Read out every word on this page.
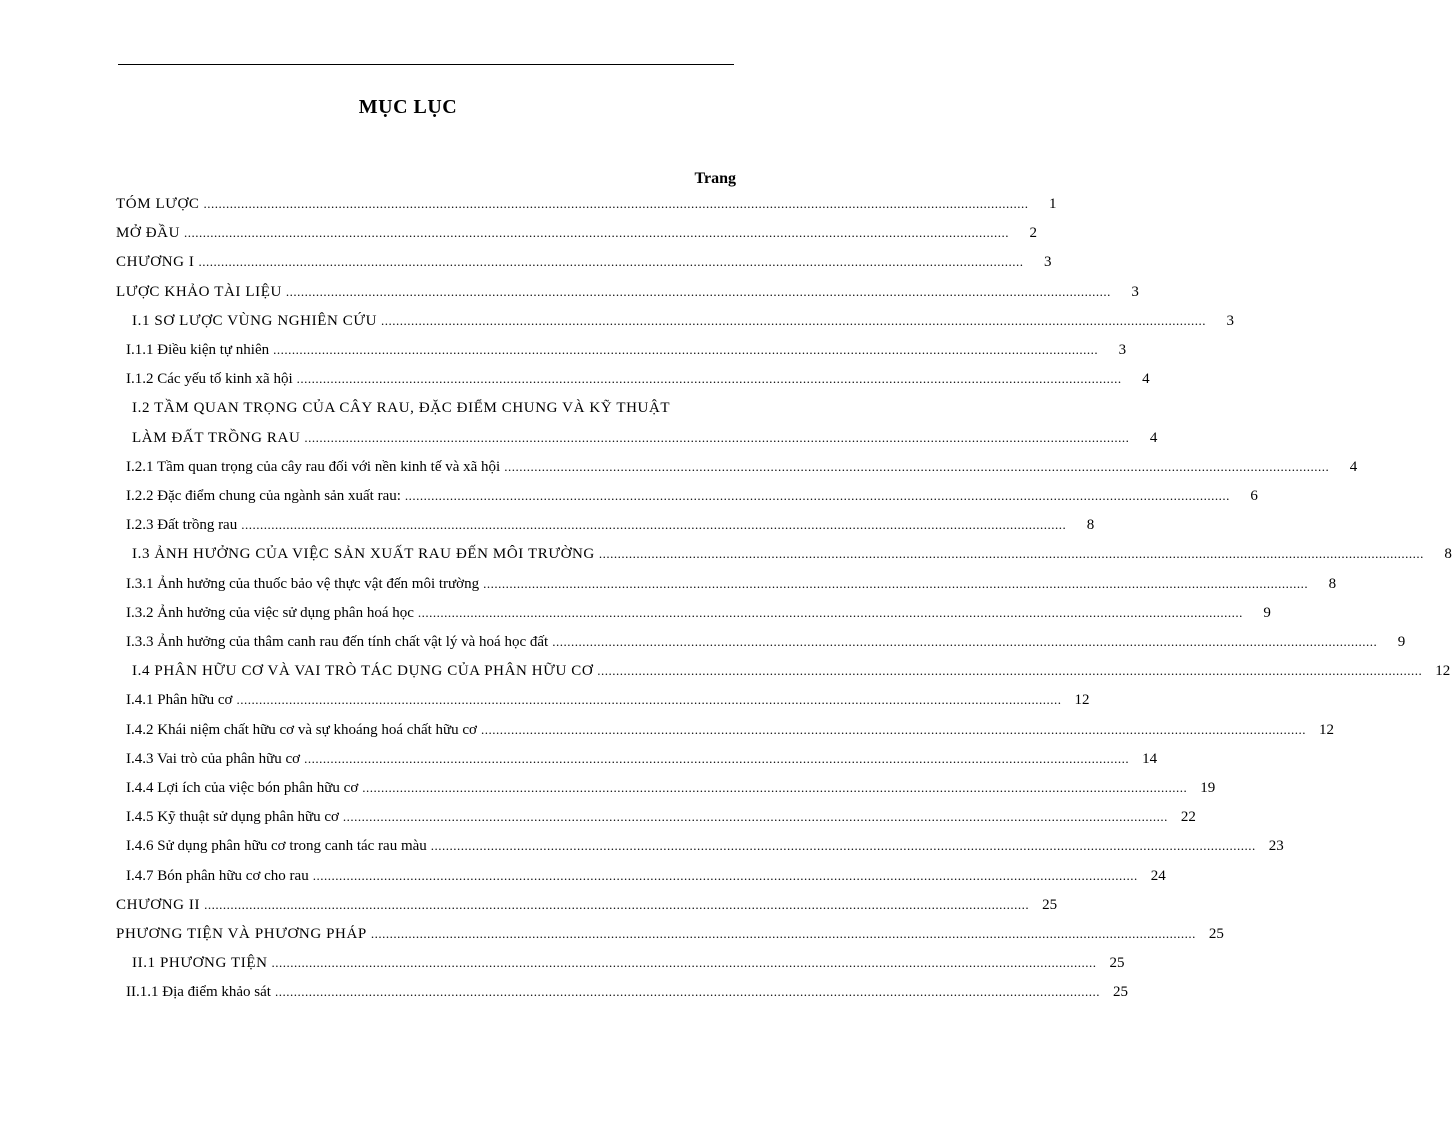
MỤC LỤC
Trang
TÓM LƯỢC ............................................................................................................................................................................................................................	1
MỞ ĐẦU ............................................................................................................................................................................................................................	2
CHƯƠNG I ............................................................................................................................................................................................................................	3
LƯỢC KHẢO TÀI LIỆU ............................................................................................................................................................................................................................	3
I.1 SƠ LƯỢC VÙNG NGHIÊN CỨU ............................................................................................................................................................................................................................	3
I.1.1 Điều kiện tự nhiên ............................................................................................................................................................................................................................	3
I.1.2 Các yếu tố kinh xã hội ............................................................................................................................................................................................................................	4
I.2 TẦM QUAN TRỌNG CỦA CÂY RAU, ĐẶC ĐIỂM CHUNG VÀ KỸ THUẬT
LÀM ĐẤT TRỒNG RAU ............................................................................................................................................................................................................................	4
I.2.1 Tầm quan trọng của cây rau đối với nền kinh tế và xã hội ............................................................................................................................................................................................................................	4
I.2.2 Đặc điểm chung của ngành sản xuất rau: ............................................................................................................................................................................................................................	6
I.2.3 Đất trồng rau ............................................................................................................................................................................................................................	8
I.3 ẢNH HƯỞNG CỦA VIỆC SẢN XUẤT RAU ĐẾN MÔI TRƯỜNG ............................................................................................................................................................................................................................	8
I.3.1 Ảnh hưởng của thuốc bảo vệ thực vật đến môi trường ............................................................................................................................................................................................................................	8
I.3.2 Ảnh hưởng của việc sử dụng phân hoá học ............................................................................................................................................................................................................................	9
I.3.3 Ảnh hưởng của thâm canh rau đến tính chất vật lý và hoá học đất ............................................................................................................................................................................................................................	9
I.4 PHÂN HỮU CƠ VÀ VAI TRÒ TÁC DỤNG CỦA PHÂN HỮU CƠ ............................................................................................................................................................................................................................ 12
I.4.1 Phân hữu cơ ............................................................................................................................................................................................................................ 12
I.4.2 Khái niệm chất hữu cơ và sự khoáng hoá chất hữu cơ ............................................................................................................................................................................................................................ 12
I.4.3 Vai trò của phân hữu cơ ............................................................................................................................................................................................................................ 14
I.4.4 Lợi ích của việc bón phân hữu cơ ............................................................................................................................................................................................................................ 19
I.4.5 Kỹ thuật sử dụng phân hữu cơ ............................................................................................................................................................................................................................ 22
I.4.6 Sử dụng phân hữu cơ trong canh tác rau màu ............................................................................................................................................................................................................................ 23
I.4.7 Bón phân hữu cơ cho rau ............................................................................................................................................................................................................................ 24
CHƯƠNG II ............................................................................................................................................................................................................................ 25
PHƯƠNG TIỆN VÀ PHƯƠNG PHÁP ............................................................................................................................................................................................................................ 25
II.1 PHƯƠNG TIỆN ............................................................................................................................................................................................................................ 25
II.1.1 Địa điểm khảo sát ............................................................................................................................................................................................................................ 25
